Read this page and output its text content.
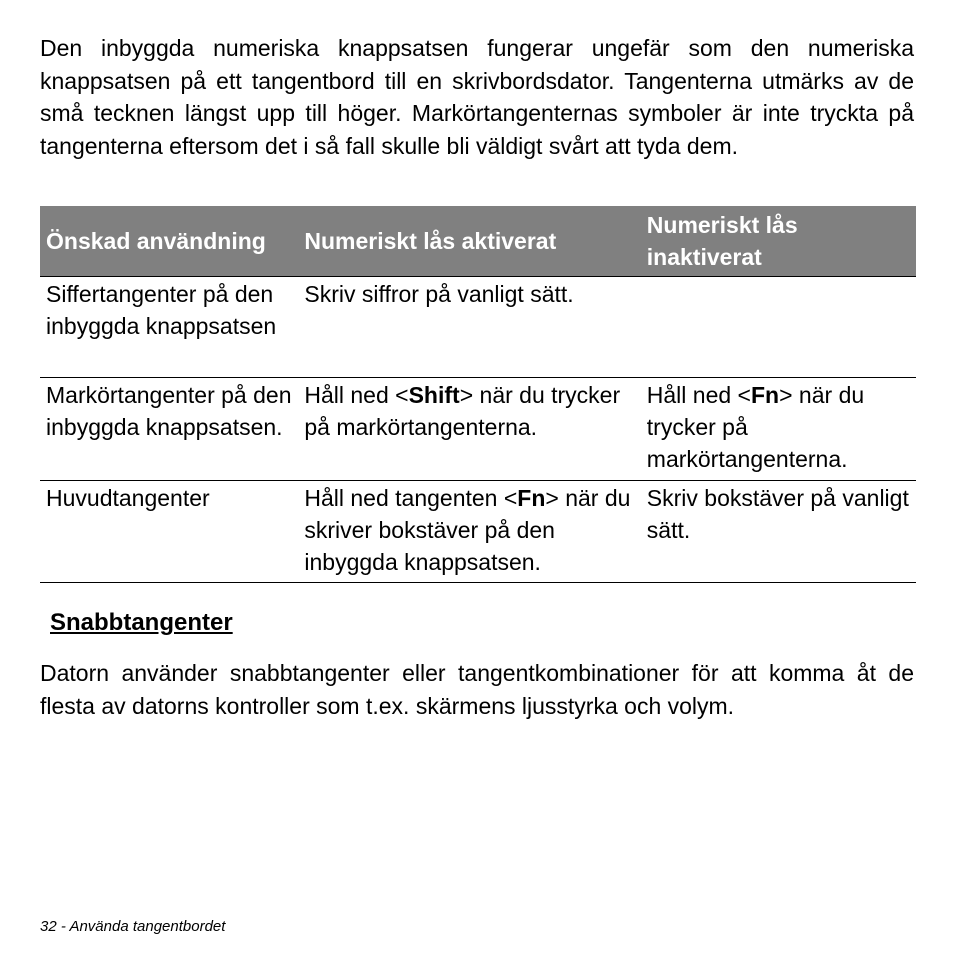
Den inbyggda numeriska knappsatsen fungerar ungefär som den numeriska knappsatsen på ett tangentbord till en skrivbordsdator. Tangenterna utmärks av de små tecknen längst upp till höger. Markörtangenternas symboler är inte tryckta på tangenterna eftersom det i så fall skulle bli väldigt svårt att tyda dem.

Önskad användning	Numeriskt lås aktiverat	Numeriskt lås inaktiverat
Siffertangenter på den inbyggda knappsatsen	Skriv siffror på vanligt sätt.	
Markörtangenter på den inbyggda knappsatsen.	Håll ned <Shift> när du trycker på markörtangenterna.	Håll ned <Fn> när du trycker på markörtangenterna.
Huvudtangenter	Håll ned tangenten <Fn> när du skriver bokstäver på den inbyggda knappsatsen.	Skriv bokstäver på vanligt sätt.
Snabbtangenter

Datorn använder snabbtangenter eller tangentkombinationer för att komma åt de flesta av datorns kontroller som t.ex. skärmens ljusstyrka och volym.

32 - Använda tangentbordet
